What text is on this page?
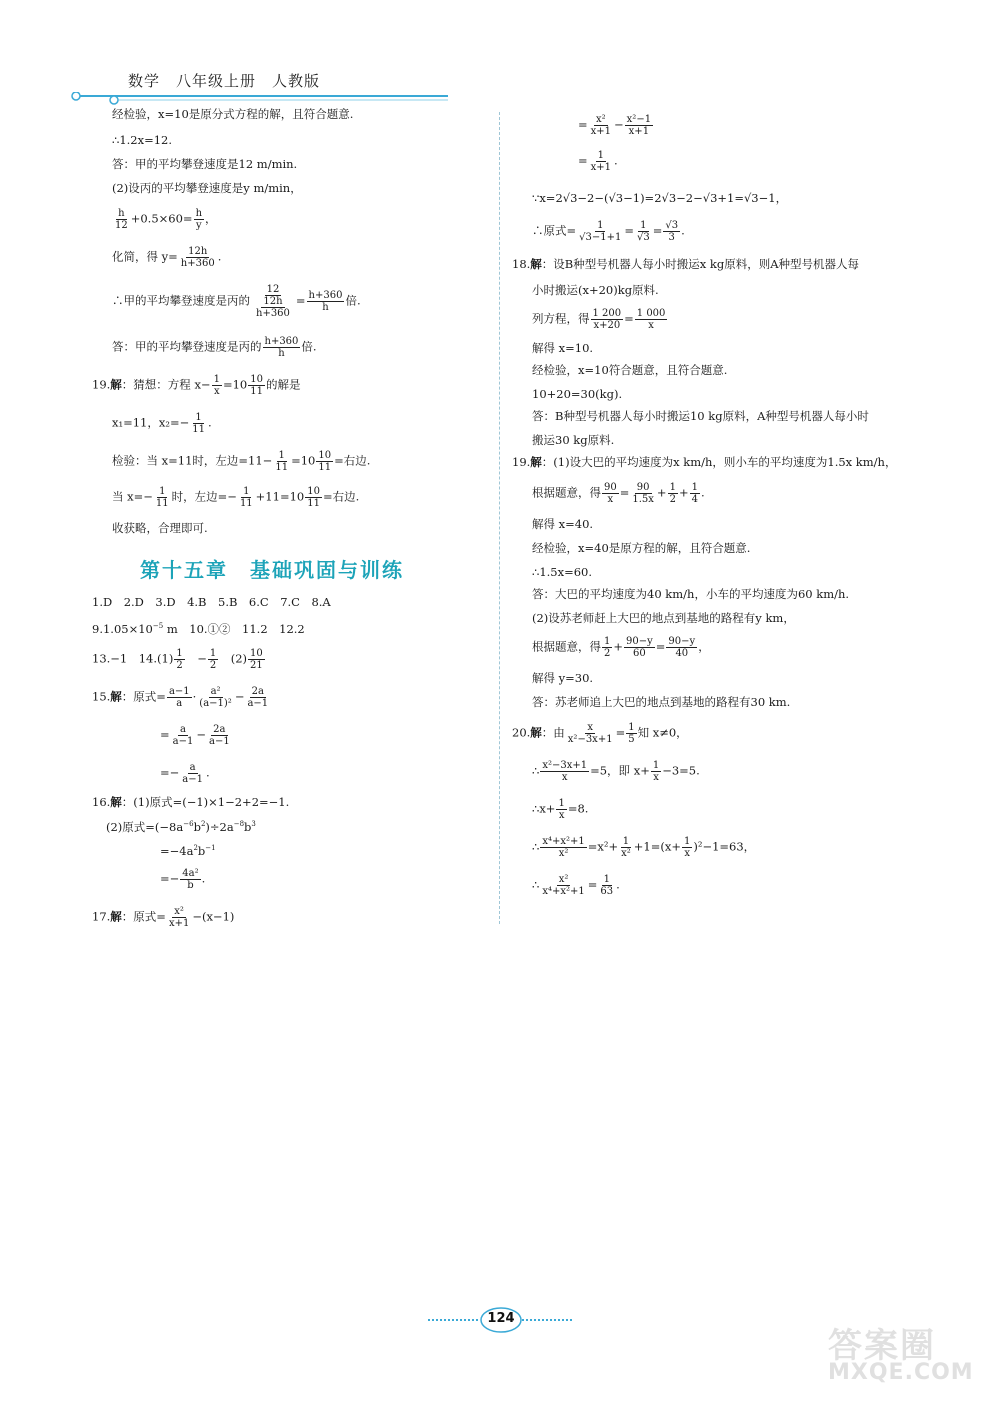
数学　八年级上册　人教版
经检验，x=10是原分式方程的解，且符合题意.
∴1.2x=12.
答：甲的平均攀登速度是12 m/min.
(2)设丙的平均攀登速度是y m/min，
$\frac{h}{12} +0.5\times 60= \frac{h}{y}$ ，
化简，得 $y= \frac{12h}{h+360}$ .
∴甲的平均攀登速度是丙的 $\frac{12}{\frac{12h}{h+360}} = \frac{h+360}{h}$ 倍.
答：甲的平均攀登速度是丙的 $\frac{h+360}{h}$ 倍.
19.解：猜想：方程 $x- \frac{1}{x} =10 \frac{10}{11}$ 的解是
x₁=11，$x_2=- \frac{1}{11}$ .
检验：当 x=11时，左边$=11- \frac{1}{11} =10 \frac{10}{11}$ =右边.
当 $x=- \frac{1}{11}$ 时，左边=− $\frac{1}{11} +11=10 \frac{10}{11}$ =右边.
收获略，合理即可.
1.D　2.D　3.D　4.B　5.B　6.C　7.C　8.A
$9.1.05\times 10^{-5}$ m　10.①②　11.2　12.2
13.−1　$14.(1) \frac{1}{2}$ 　− $\frac{1}{2}$ 　$(2) \frac{10}{21}$
15.解：原式= $\frac{a-1}{a} \cdot \frac{\text{a²}}{\text{(a−1)²}} - \frac{2a}{a-1}$
= $\frac{a}{a-1} - \frac{2a}{a-1}$
=− $\frac{a}{a-1}$ .
16.解：(1)原式=(−1)×1−2+2=−1.
(2)原式$=(-8a^{-6}b^2)\div 2a^{-8}b^3$
$=-4a^2b^{-1}$
=− $\frac{\text{4a²}}{b}$ .
17.解：原式= $\frac{\text{x²}}{x+1} -(x-1)$
第十五章　基础巩固与训练
= $\frac{\text{x²}}{x+1} - \frac{\text{x²−1}}{x+1}$
= $\frac{1}{x+1}$ .
∵x=2√3−2−(√3−1)=2√3−2−√3+1=√3−1，
∴原式= $\frac{1}{√3-1+1} = \frac{1}{√3} = \frac{√3}{3}$ .
18.解：设B种型号机器人每小时搬运x kg原料，则A种型号机器人每
小时搬运(x+20)kg原料.
列方程，得 $\frac{1 200}{x+20} = \frac{1 000}{x}$
解得 x=10.
经检验，x=10符合题意，且符合题意.
10+20=30(kg).
答：B种型号机器人每小时搬运10 kg原料，A种型号机器人每小时
搬运30 kg原料.
19.解：(1)设大巴的平均速度为x km/h，则小车的平均速度为1.5x km/h，
根据题意，得 $\frac{90}{x} = \frac{90}{1.5x} + \frac{1}{2} + \frac{1}{4}$ .
解得 x=40.
经检验，x=40是原方程的解，且符合题意.
∴1.5x=60.
答：大巴的平均速度为40 km/h，小车的平均速度为60 km/h.
(2)设苏老师赶上大巴的地点到基地的路程有y km，
根据题意，得 $\frac{1}{2} + \frac{90-y}{60} = \frac{90-y}{40}$ ，
解得 y=30.
答：苏老师追上大巴的地点到基地的路程有30 km.
20.解：由 $\frac{x}{\text{x²−3x+1}} = \frac{1}{5}$ 知 x≠0，
∴ $\frac{\text{x²−3x+1}}{x} =5$，即 $x+ \frac{1}{x} -3=5$.
∴x+ $\frac{1}{x} =8$.
∴ $\frac{\text{x⁴+x²+1}}{\text{x²}} =x^2+ \frac{1}{\text{x²}} +1=(x+ \frac{1}{x} )^2-1=63$，
∴ $\frac{\text{x²}}{\text{x⁴+x²+1}} = \frac{1}{63}$ .
124
答案圈
MXQE.COM
